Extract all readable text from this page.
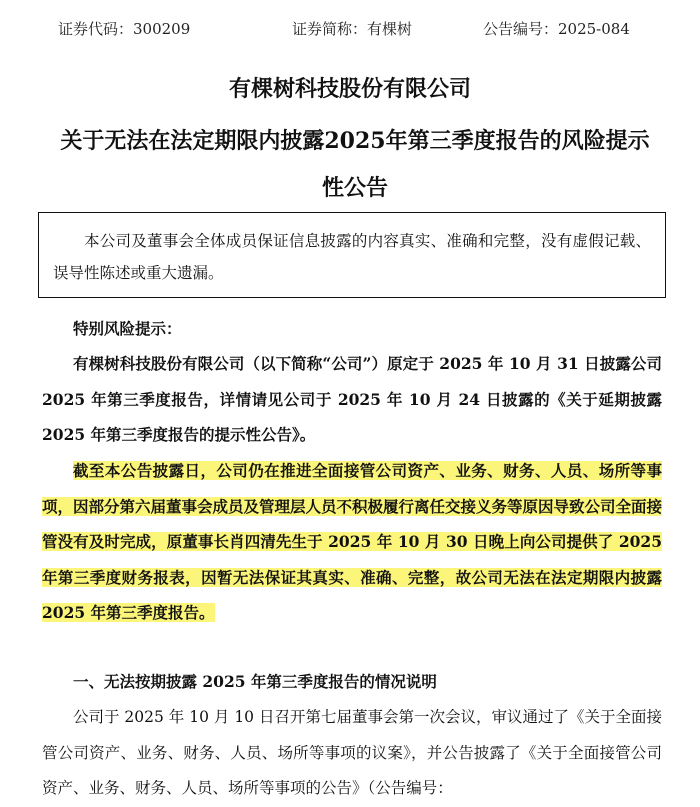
证券代码：300209	证券简称：有棵树	公告编号：2025-084
有棵树科技股份有限公司
关于无法在法定期限内披露2025年第三季度报告的风险提示性公告
本公司及董事会全体成员保证信息披露的内容真实、准确和完整，没有虚假记载、误导性陈述或重大遗漏。
特别风险提示：
有棵树科技股份有限公司（以下简称“公司”）原定于 2025 年 10 月 31 日披露公司 2025 年第三季度报告，详情请见公司于 2025 年 10 月 24 日披露的《关于延期披露 2025 年第三季度报告的提示性公告》。
截至本公告披露日，公司仍在推进全面接管公司资产、业务、财务、人员、场所等事项，因部分第六届董事会成员及管理层人员不积极履行离任交接义务等原因导致公司全面接管没有及时完成，原董事长肖四清先生于 2025 年 10 月 30 日晚上向公司提供了 2025 年第三季度财务报表，因暂无法保证其真实、准确、完整，故公司无法在法定期限内披露 2025 年第三季度报告。
一、无法按期披露 2025 年第三季度报告的情况说明
公司于 2025 年 10 月 10 日召开第七届董事会第一次会议，审议通过了《关于全面接管公司资产、业务、财务、人员、场所等事项的议案》，并公告披露了《关于全面接管公司资产、业务、财务、人员、场所等事项的公告》（公告编号：
